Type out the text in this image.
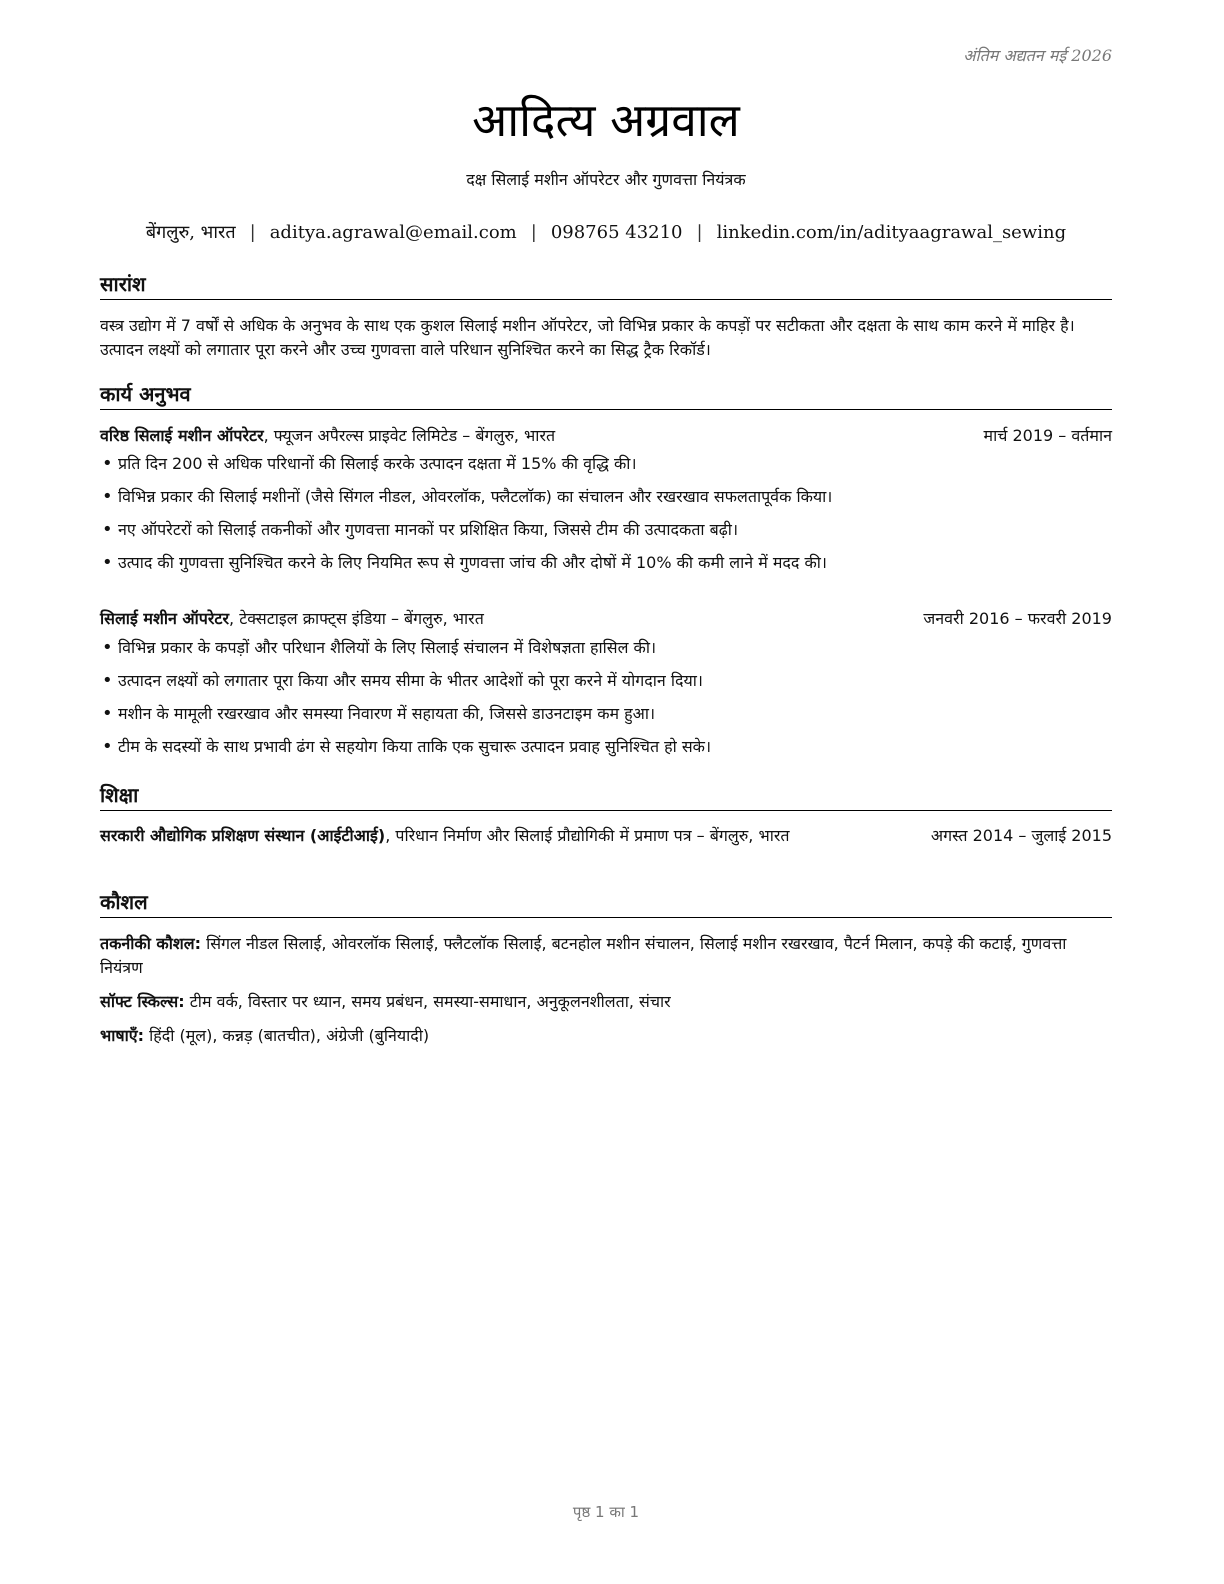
अंतिम अद्यतन मई 2026
आदित्य अग्रवाल
दक्ष सिलाई मशीन ऑपरेटर और गुणवत्ता नियंत्रक
बेंगलुरु, भारत | aditya.agrawal@email.com | 098765 43210 | linkedin.com/in/adityaagrawal_sewing
सारांश
वस्त्र उद्योग में 7 वर्षों से अधिक के अनुभव के साथ एक कुशल सिलाई मशीन ऑपरेटर, जो विभिन्न प्रकार के कपड़ों पर सटीकता और दक्षता के साथ काम करने में माहिर है। उत्पादन लक्ष्यों को लगातार पूरा करने और उच्च गुणवत्ता वाले परिधान सुनिश्चित करने का सिद्ध ट्रैक रिकॉर्ड।
कार्य अनुभव
वरिष्ठ सिलाई मशीन ऑपरेटर, फ्यूजन अपैरल्स प्राइवेट लिमिटेड – बेंगलुरु, भारत	मार्च 2019 – वर्तमान
• प्रति दिन 200 से अधिक परिधानों की सिलाई करके उत्पादन दक्षता में 15% की वृद्धि की।
• विभिन्न प्रकार की सिलाई मशीनों (जैसे सिंगल नीडल, ओवरलॉक, फ्लैटलॉक) का संचालन और रखरखाव सफलतापूर्वक किया।
• नए ऑपरेटरों को सिलाई तकनीकों और गुणवत्ता मानकों पर प्रशिक्षित किया, जिससे टीम की उत्पादकता बढ़ी।
• उत्पाद की गुणवत्ता सुनिश्चित करने के लिए नियमित रूप से गुणवत्ता जांच की और दोषों में 10% की कमी लाने में मदद की।
सिलाई मशीन ऑपरेटर, टेक्सटाइल क्राफ्ट्स इंडिया – बेंगलुरु, भारत	जनवरी 2016 – फरवरी 2019
• विभिन्न प्रकार के कपड़ों और परिधान शैलियों के लिए सिलाई संचालन में विशेषज्ञता हासिल की।
• उत्पादन लक्ष्यों को लगातार पूरा किया और समय सीमा के भीतर आदेशों को पूरा करने में योगदान दिया।
• मशीन के मामूली रखरखाव और समस्या निवारण में सहायता की, जिससे डाउनटाइम कम हुआ।
• टीम के सदस्यों के साथ प्रभावी ढंग से सहयोग किया ताकि एक सुचारू उत्पादन प्रवाह सुनिश्चित हो सके।
शिक्षा
सरकारी औद्योगिक प्रशिक्षण संस्थान (आईटीआई), परिधान निर्माण और सिलाई प्रौद्योगिकी में प्रमाण पत्र – बेंगलुरु, भारत	अगस्त 2014 – जुलाई 2015
कौशल
तकनीकी कौशल: सिंगल नीडल सिलाई, ओवरलॉक सिलाई, फ्लैटलॉक सिलाई, बटनहोल मशीन संचालन, सिलाई मशीन रखरखाव, पैटर्न मिलान, कपड़े की कटाई, गुणवत्ता नियंत्रण
सॉफ्ट स्किल्स: टीम वर्क, विस्तार पर ध्यान, समय प्रबंधन, समस्या-समाधान, अनुकूलनशीलता, संचार
भाषाएँ: हिंदी (मूल), कन्नड़ (बातचीत), अंग्रेजी (बुनियादी)
पृष्ठ 1 का 1
